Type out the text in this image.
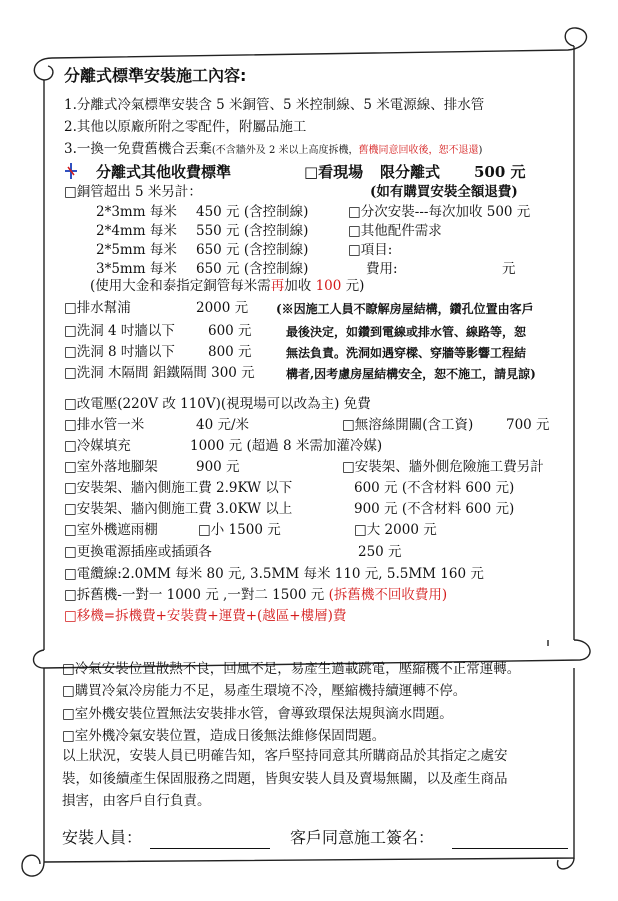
分離式標準安裝施工內容:
1.分離式冷氣標準安裝含 5 米銅管、5 米控制線、5 米電源線、排水管
2.其他以原廠所附之零配件，附屬品施工
3.一換一免費舊機合丟棄(不含牆外及 2 米以上高度拆機，舊機同意回收後，恕不退還)
分離式其他收費標準	□看現場 限分離式 500 元
□銅管超出 5 米另計：	(如有購買安裝全額退費)
2*3mm 每米 450 元 (含控制線)	□分次安裝---每次加收 500 元
2*4mm 每米 550 元 (含控制線)	□其他配件需求
2*5mm 每米 650 元 (含控制線)	□項目:
3*5mm 每米 650 元 (含控制線)	費用:	元
(使用大金和泰指定銅管每米需再加收 100 元)
□排水幫浦	2000 元 (※因施工人員不瞭解房屋結構，鑽孔位置由客戶
□洗洞 4 吋牆以下 600 元	最後決定，如鑽到電線或排水管、線路等，恕
□洗洞 8 吋牆以下 800 元	無法負責。洗洞如遇穿樑、穿牆等影響工程結
□洗洞 木隔間 鋁鐵隔間 300 元	構者,因考慮房屋結構安全，恕不施工，請見諒)
□改電壓(220V 改 110V)(視現場可以改為主) 免費
□排水管一米	40 元/米	□無溶絲開關(含工資) 700 元
□冷媒填充	1000 元 (超過 8 米需加灌冷媒)
□室外落地腳架	900 元	□安裝架、牆外側危險施工費另計
□安裝架、牆內側施工費 2.9KW 以下	600 元 (不含材料 600 元)
□安裝架、牆內側施工費 3.0KW 以上	900 元 (不含材料 600 元)
□室外機遮雨棚	□小 1500 元	□大 2000 元
□更換電源插座或插頭各	250 元
□電纜線:2.0MM 每米 80 元, 3.5MM 每米 110 元, 5.5MM 160 元
□拆舊機-一對一 1000 元 ,一對二 1500 元 (拆舊機不回收費用)
□移機=拆機費+安裝費+運費+(越區+樓層)費
□冷氣安裝位置散熱不良，回風不足，易產生過載跳電，壓縮機不正常運轉。
□購買冷氣冷房能力不足，易產生環境不冷，壓縮機持續運轉不停。
□室外機安裝位置無法安裝排水管，會導致環保法規與滴水問題。
□室外機冷氣安裝位置，造成日後無法維修保固問題。
以上狀況，安裝人員已明確告知，客戶堅持同意其所購商品於其指定之處安
裝，如後續產生保固服務之問題，皆與安裝人員及賣場無關，以及產生商品
損害，由客戶自行負責。
安裝人員：	客戶同意施工簽名：
